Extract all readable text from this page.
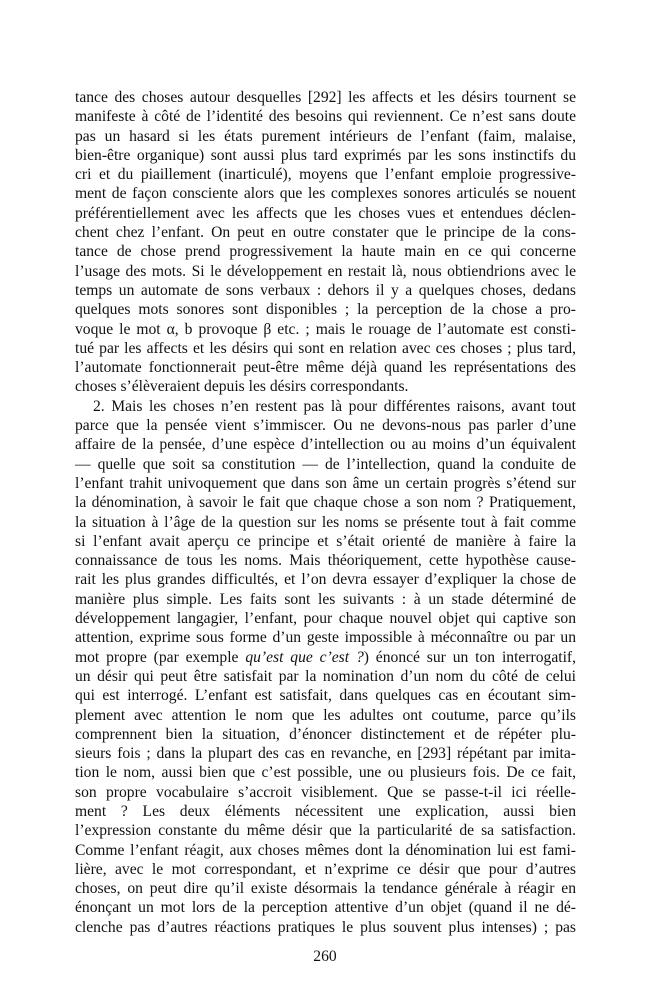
tance des choses autour desquelles [292] les affects et les désirs tournent se
manifeste à côté de l’identité des besoins qui reviennent. Ce n’est sans doute
pas un hasard si les états purement intérieurs de l’enfant (faim, malaise,
bien-être organique) sont aussi plus tard exprimés par les sons instinctifs du
cri et du piaillement (inarticulé), moyens que l’enfant emploie progressive-
ment de façon consciente alors que les complexes sonores articulés se nouent
préférentiellement avec les affects que les choses vues et entendues déclen-
chent chez l’enfant. On peut en outre constater que le principe de la cons-
tance de chose prend progressivement la haute main en ce qui concerne
l’usage des mots. Si le développement en restait là, nous obtiendrions avec le
temps un automate de sons verbaux : dehors il y a quelques choses, dedans
quelques mots sonores sont disponibles ; la perception de la chose a pro-
voque le mot α, b provoque β etc. ; mais le rouage de l’automate est consti-
tué par les affects et les désirs qui sont en relation avec ces choses ; plus tard,
l’automate fonctionnerait peut-être même déjà quand les représentations des
choses s’élèveraient depuis les désirs correspondants.
2. Mais les choses n’en restent pas là pour différentes raisons, avant tout
parce que la pensée vient s’immiscer. Ou ne devons-nous pas parler d’une
affaire de la pensée, d’une espèce d’intellection ou au moins d’un équivalent
— quelle que soit sa constitution — de l’intellection, quand la conduite de
l’enfant trahit univoquement que dans son âme un certain progrès s’étend sur
la dénomination, à savoir le fait que chaque chose a son nom ? Pratiquement,
la situation à l’âge de la question sur les noms se présente tout à fait comme
si l’enfant avait aperçu ce principe et s’était orienté de manière à faire la
connaissance de tous les noms. Mais théoriquement, cette hypothèse cause-
rait les plus grandes difficultés, et l’on devra essayer d’expliquer la chose de
manière plus simple. Les faits sont les suivants : à un stade déterminé de
développement langagier, l’enfant, pour chaque nouvel objet qui captive son
attention, exprime sous forme d’un geste impossible à méconnaître ou par un
mot propre (par exemple qu’est que c’est ?) énoncé sur un ton interrogatif,
un désir qui peut être satisfait par la nomination d’un nom du côté de celui
qui est interrogé. L’enfant est satisfait, dans quelques cas en écoutant sim-
plement avec attention le nom que les adultes ont coutume, parce qu’ils
comprennent bien la situation, d’énoncer distinctement et de répéter plu-
sieurs fois ; dans la plupart des cas en revanche, en [293] répétant par imita-
tion le nom, aussi bien que c’est possible, une ou plusieurs fois. De ce fait,
son propre vocabulaire s’accroit visiblement. Que se passe-t-il ici réelle-
ment ? Les deux éléments nécessitent une explication, aussi bien
l’expression constante du même désir que la particularité de sa satisfaction.
Comme l’enfant réagit, aux choses mêmes dont la dénomination lui est fami-
lière, avec le mot correspondant, et n’exprime ce désir que pour d’autres
choses, on peut dire qu’il existe désormais la tendance générale à réagir en
énonçant un mot lors de la perception attentive d’un objet (quand il ne dé-
clenche pas d’autres réactions pratiques le plus souvent plus intenses) ; pas
260
